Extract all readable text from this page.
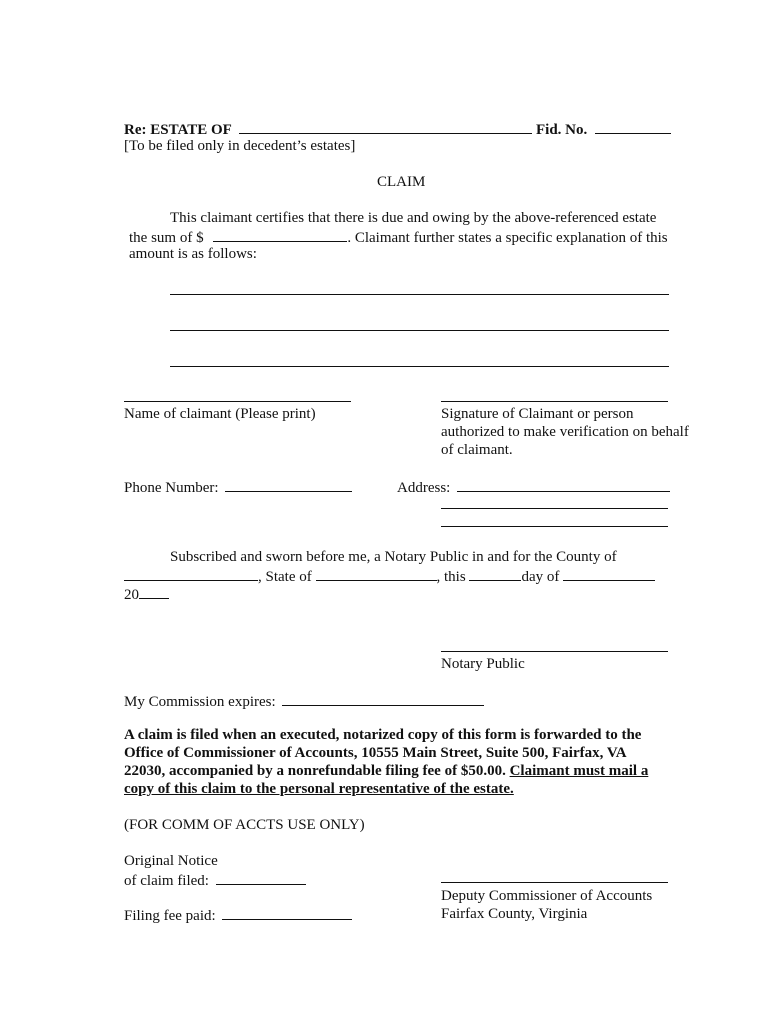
Re: ESTATE OF	Fid. No.
[To be filed only in decedent’s estates]
CLAIM
This claimant certifies that there is due and owing by the above-referenced estate
the sum of $	. Claimant further states a specific explanation of this
amount is as follows:
Name of claimant (Please print)	Signature of Claimant or person
authorized to make verification on behalf
of claimant.
Phone Number:	Address:
Subscribed and sworn before me, a Notary Public in and for the County of
, State of	, this	day of
20
Notary Public
My Commission expires:
A claim is filed when an executed, notarized copy of this form is forwarded to the Office of Commissioner of Accounts, 10555 Main Street, Suite 500, Fairfax, VA 22030, accompanied by a nonrefundable filing fee of $50.00. Claimant must mail a copy of this claim to the personal representative of the estate.
(FOR COMM OF ACCTS USE ONLY)
Original Notice
of claim filed:
Deputy Commissioner of Accounts
Fairfax County, Virginia
Filing fee paid:
